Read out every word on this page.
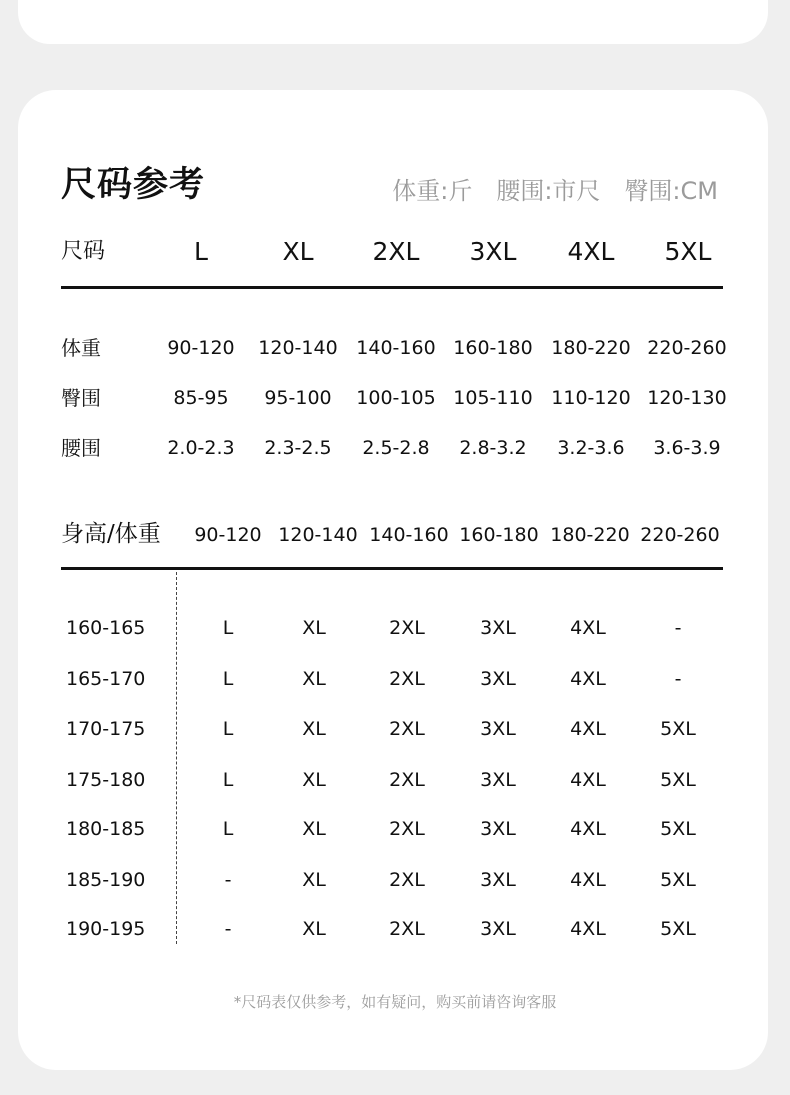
尺码参考	体重:斤 腰围:市尺 臀围:CM
尺码	L	XL	2XL	3XL	4XL	5XL
体重	90-120	120-140 140-160 160-180 180-220 220-260
臀围	85-95	95-100	100-105 105-110 110-120 120-130
腰围	2.0-2.3	2.3-2.5	2.5-2.8	2.8-3.2	3.2-3.6	3.6-3.9
身高/体重	90-120 120-140 140-160 160-180 180-220 220-260
160-165	L	XL	2XL	3XL	4XL	-
165-170	L	XL	2XL	3XL	4XL	-
170-175	L	XL	2XL	3XL	4XL	5XL
175-180	L	XL	2XL	3XL	4XL	5XL
180-185	L	XL	2XL	3XL	4XL	5XL
185-190	-	XL	2XL	3XL	4XL	5XL
190-195	-	XL	2XL	3XL	4XL	5XL
*尺码表仅供参考，如有疑问，购买前请咨询客服
